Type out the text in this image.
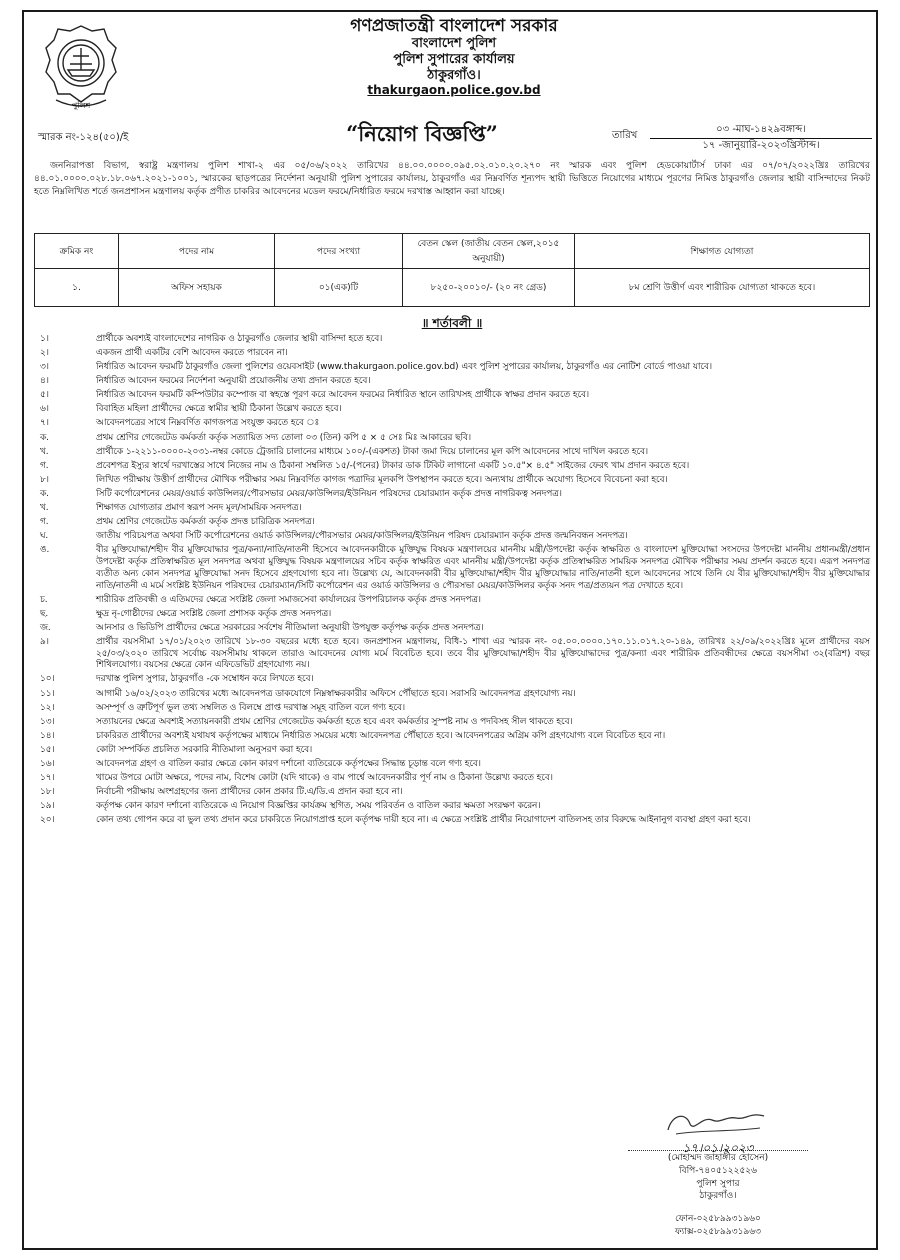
পুলিশ
গণপ্রজাতন্ত্রী বাংলাদেশ সরকার
বাংলাদেশ পুলিশ
পুলিশ সুপারের কার্যালয়
ঠাকুরগাঁও।
thakurgaon.police.gov.bd
স্মারক নং-১২৪(৫০)/ই	“নিয়োগ বিজ্ঞপ্তি”	তারিখ
০৩ -মাঘ-১৪২৯বঙ্গাব্দ।
১৭ -জানুয়ারি-২০২৩খ্রিস্টাব্দ।

জননিরাপত্তা বিভাগ, স্বরাষ্ট্র মন্ত্রণালয় পুলিশ শাখা-২ এর ০৫/০৬/২০২২ তারিখের ৪৪.০০.০০০০.০৯৫.০২.০১০.২০.২৭০ নং স্মারক এবং পুলিশ হেডকোয়ার্টার্স ঢাকা এর ০৭/০৭/২০২২খ্রিঃ তারিখের ৪৪.০১.০০০০.০২৮.১৮.০৬৭.২০২১-১০০১, স্মারকের ছাড়পত্রের নির্দেশনা অনুযায়ী পুলিশ সুপারের কার্যালয়, ঠাকুরগাঁও এর নিম্নবর্ণিত শূন্যপদ স্থায়ী ভিত্তিতে নিয়োগের মাধ্যমে পূরণের নিমিত্ত ঠাকুরগাঁও জেলার স্থায়ী বাসিন্দাদের নিকট হতে নিম্নলিখিত শর্তে জনপ্রশাসন মন্ত্রণালয় কর্তৃক প্রণীত চাকরির আবেদনের মডেল ফরমে/নির্ধারিত ফরমে দরখাস্ত আহ্বান করা যাচ্ছে।

ক্রমিক নং	পদের নাম	পদের সংখ্যা	বেতন স্কেল (জাতীয় বেতন স্কেল,২০১৫ অনুযায়ী)	শিক্ষাগত যোগ্যতা
১.	অফিস সহায়ক	০১(এক)টি	৮২৫০-২০০১০/- (২০ নং গ্রেড)	৮ম শ্রেণি উত্তীর্ণ এবং শারীরিক যোগ্যতা থাকতে হবে।
॥ শর্তাবলী ॥
১।	প্রার্থীকে অবশ্যই বাংলাদেশের নাগরিক ও ঠাকুরগাঁও জেলার স্থায়ী বাসিন্দা হতে হবে।
২।	একজন প্রার্থী একটির বেশি আবেদন করতে পারবেন না।
৩।	নির্ধারিত আবেদন ফরমটি ঠাকুরগাঁও জেলা পুলিশের ওয়েবসাইট (www.thakurgaon.police.gov.bd) এবং পুলিশ সুপারের কার্যালয়, ঠাকুরগাঁও এর নোটিশ বোর্ডে পাওয়া যাবে।
৪।	নির্ধারিত আবেদন ফরমের নির্দেশনা অনুযায়ী প্রয়োজনীয় তথ্য প্রদান করতে হবে।
৫।	নির্ধারিত আবেদন ফরমটি কম্পিউটার কম্পোজ বা স্বহস্তে পূরণ করে আবেদন ফরমের নির্ধারিত স্থানে তারিখসহ প্রার্থীকে স্বাক্ষর প্রদান করতে হবে।
৬।	বিবাহিত মহিলা প্রার্থীদের ক্ষেত্রে স্বামীর স্থায়ী ঠিকানা উল্লেখ করতে হবে।
৭।	আবেদনপত্রের সাথে নিম্নবর্ণিত কাগজপত্র সংযুক্ত করতে হবে ঃ
ক.	প্রথম শ্রেণির গেজেটেড কর্মকর্তা কর্তৃক সত্যায়িত সদ্য তোলা ০৩ (তিন) কপি ৫ × ৫ সেঃ মিঃ আকারের ছবি।
খ.	প্রার্থীকে ১-২২১১-০০০০-২০৩১-নম্বর কোডে ট্রেজারি চালানের মাধ্যমে ১০০/-(একশত) টাকা জমা দিয়ে চালানের মূল কপি আবেদনের সাথে দাখিল করতে হবে।
গ.	প্রবেশপত্র ইস্যুর স্বার্থে দরখাস্তের সাথে নিজের নাম ও ঠিকানা সম্বলিত ১৫/-(পনের) টাকার ডাক টিকিট লাগানো একটি ১০.৫"× ৪.৫" সাইজের ফেরৎ খাম প্রদান করতে হবে।
৮।	লিখিত পরীক্ষায় উত্তীর্ণ প্রার্থীদের মৌখিক পরীক্ষার সময় নিম্নবর্ণিত কাগজ পত্রাদির মূলকপি উপস্থাপন করতে হবে। অন্যথায় প্রার্থীকে অযোগ্য হিসেবে বিবেচনা করা হবে।
ক.	সিটি কর্পোরেশনের মেয়র/ওয়ার্ড কাউন্সিলর/পৌরসভার মেয়র/কাউন্সিলর/ইউনিয়ন পরিষদের চেয়ারম্যান কর্তৃক প্রদত্ত নাগরিকত্ব সনদপত্র।
খ.	শিক্ষাগত যোগ্যতার প্রমাণ স্বরূপ সনদ মূল/সাময়িক সনদপত্র।
গ.	প্রথম শ্রেণির গেজেটেড কর্মকর্তা কর্তৃক প্রদত্ত চারিত্রিক সনদপত্র।
ঘ.	জাতীয় পরিচয়পত্র অথবা সিটি কর্পোরেশনের ওয়ার্ড কাউন্সিলর/পৌরসভার মেয়র/কাউন্সিলর/ইউনিয়ন পরিষদ চেয়ারম্যান কর্তৃক প্রদত্ত জন্মনিবন্ধন সনদপত্র।
ঙ.	বীর মুক্তিযোদ্ধা/শহীদ বীর মুক্তিযোদ্ধার পুত্র/কন্যা/নাতি/নাতনী হিসেবে আবেদনকারীকে মুক্তিযুদ্ধ বিষয়ক মন্ত্রণালয়ের মাননীয় মন্ত্রী/উপদেষ্টা কর্তৃক স্বাক্ষরিত ও বাংলাদেশ মুক্তিযোদ্ধা সংসদের উপদেষ্টা মাননীয় প্রধানমন্ত্রী/প্রধান উপদেষ্টা কর্তৃক প্রতিস্বাক্ষরিত মূল সনদপত্র অথবা মুক্তিযুদ্ধ বিষয়ক মন্ত্রণালয়ের সচিব কর্তৃক স্বাক্ষরিত এবং মাননীয় মন্ত্রী/উপদেষ্টা কর্তৃক প্রতিস্বাক্ষরিত সাময়িক সনদপত্র মৌখিক পরীক্ষার সময় প্রদর্শন করতে হবে। এরূপ সনদপত্র ব্যতীত অন্য কোন সনদপত্র মুক্তিযোদ্ধা সনদ হিসেবে গ্রহণযোগ্য হবে না। উল্লেখ্য যে, আবেদনকারী বীর মুক্তিযোদ্ধা/শহীদ বীর মুক্তিযোদ্ধার নাতি/নাতনী হলে আবেদনের সাথে তিনি যে বীর মুক্তিযোদ্ধা/শহীদ বীর মুক্তিযোদ্ধার নাতি/নাতনী এ মর্মে সংশ্লিষ্ট ইউনিয়ন পরিষদের চেয়ারম্যান/সিটি কর্পোরেশন এর ওয়ার্ড কাউন্সিলর ও পৌরসভা মেয়র/কাউন্সিলর কর্তৃক সনদ পত্র/প্রত্যয়ন পত্র দেখাতে হবে।
চ.	শারীরিক প্রতিবন্ধী ও এতিমদের ক্ষেত্রে সংশ্লিষ্ট জেলা সমাজসেবা কার্যালয়ের উপপরিচালক কর্তৃক প্রদত্ত সনদপত্র।
ছ.	ক্ষুদ্র নৃ-গোষ্ঠীদের ক্ষেত্রে সংশ্লিষ্ট জেলা প্রশাসক কর্তৃক প্রদত্ত সনদপত্র।
জ.	আনসার ও ভিডিপি প্রার্থীদের ক্ষেত্রে সরকারের সর্বশেষ নীতিমালা অনুযায়ী উপযুক্ত কর্তৃপক্ষ কর্তৃক প্রদত্ত সনদপত্র।
৯।	প্রার্থীর বয়সসীমা ১৭/০১/২০২৩ তারিখে ১৮-৩০ বছরের মধ্যে হতে হবে। জনপ্রশাসন মন্ত্রণালয়, বিধি-১ শাখা এর স্মারক নং- ০৫.০০.০০০০.১৭০.১১.০১৭.২০-১৪৯, তারিখঃ ২২/০৯/২০২২খ্রিঃ মূলে প্রার্থীদের বয়স ২৫/০৩/২০২০ তারিখে সর্বোচ্চ বয়সসীমায় থাকলে তারাও আবেদনের যোগ্য মর্মে বিবেচিত হবে। তবে বীর মুক্তিযোদ্ধা/শহীদ বীর মুক্তিযোদ্ধাদের পুত্র/কন্যা এবং শারীরিক প্রতিবন্ধীদের ক্ষেত্রে বয়সসীমা ৩২(বত্রিশ) বছর শিথিলযোগ্য। বয়সের ক্ষেত্রে কোন এফিডেভিট গ্রহণযোগ্য নয়।
১০।	দরখাস্ত পুলিশ সুপার, ঠাকুরগাঁও -কে সম্বোধন করে লিখতে হবে।
১১।	আগামী ১৬/০২/২০২৩ তারিখের মধ্যে আবেদনপত্র ডাকযোগে নিম্নস্বাক্ষরকারীর অফিসে পৌঁছাতে হবে। সরাসরি আবেদনপত্র গ্রহণযোগ্য নয়।
১২।	অসম্পূর্ণ ও ত্রুটিপূর্ণ ভুল তথ্য সম্বলিত ও বিলম্বে প্রাপ্ত দরখাস্ত সমূহ বাতিল বলে গণ্য হবে।
১৩।	সত্যায়নের ক্ষেত্রে অবশ্যই সত্যায়নকারী প্রথম শ্রেণির গেজেটেড কর্মকর্তা হতে হবে এবং কর্মকর্তার সুস্পষ্ট নাম ও পদবিসহ সীল থাকতে হবে।
১৪।	চাকরিরত প্রার্থীদের অবশ্যই যথাযথ কর্তৃপক্ষের মাধ্যমে নির্ধারিত সময়ের মধ্যে আবেদনপত্র পৌঁছাতে হবে। আবেদনপত্রের অগ্রিম কপি গ্রহণযোগ্য বলে বিবেচিত হবে না।
১৫।	কোটা সম্পর্কিত প্রচলিত সরকারি নীতিমালা অনুসরণ করা হবে।
১৬।	আবেদনপত্র গ্রহণ ও বাতিল করার ক্ষেত্রে কোন কারণ দর্শানো ব্যতিরেকে কর্তৃপক্ষের সিদ্ধান্ত চূড়ান্ত বলে গণ্য হবে।
১৭।	খামের উপরে মোটা অক্ষরে, পদের নাম, বিশেষ কোটা (যদি থাকে) ও বাম পার্শ্বে আবেদনকারীর পূর্ণ নাম ও ঠিকানা উল্লেখ্য করতে হবে।
১৮।	নির্বাচনী পরীক্ষায় অংশগ্রহণের জন্য প্রার্থীদের কোন প্রকার টি.এ/ডি.এ প্রদান করা হবে না।
১৯।	কর্তৃপক্ষ কোন কারণ দর্শানো ব্যতিরেকে এ নিয়োগ বিজ্ঞপ্তির কার্যক্রম স্থগিত, সময় পরিবর্তন ও বাতিল করার ক্ষমতা সংরক্ষণ করেন।
২০।	কোন তথ্য গোপন করে বা ভুল তথ্য প্রদান করে চাকরিতে নিয়োগপ্রাপ্ত হলে কর্তৃপক্ষ দায়ী হবে না। এ ক্ষেত্রে সংশ্লিষ্ট প্রার্থীর নিয়োগাদেশ বাতিলসহ তার বিরুদ্ধে আইনানুগ ব্যবস্থা গ্রহণ করা হবে।
১৭।০১।২০২৩
(মোহাম্মদ জাহাঙ্গীর হোসেন)
বিপি-৭৪০৫১২২৫২৬
পুলিশ সুপার
ঠাকুরগাঁও।
ফোন-০২৫৮৯৯৩১৯৬০
ফ্যাক্স-০২৫৮৯৯৩১৯৬৩
